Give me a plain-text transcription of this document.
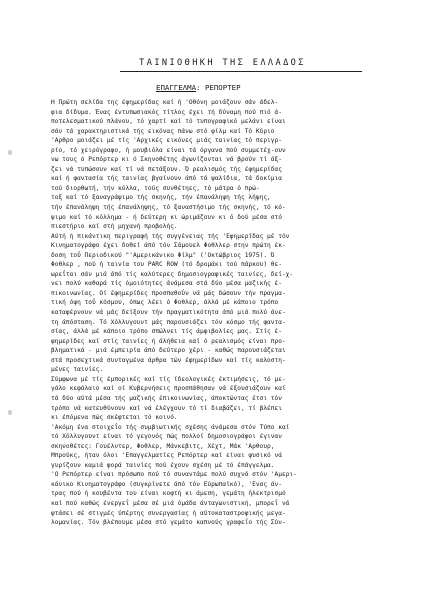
ΤΑΙΝΙΟΘΗΚΗ ΤΗΣ ΕΛΛΑΔΟΣ
ΕΠΑΓΓΕΛΜΑ: ΡΕΠΟΡΤΕΡ
Η Πρώτη σελίδα της έφημερίδας καί ή 'Οθόνη μοιάζουν σάν άδελ-
φια δίδυμα. Ένας έντυπωσιακός τίτλος έχει τή δύναμη πού πιό ά-
ποτελεσματικού πλάνου, τό χαρτί καί τό τυπογραφικό μελάνι είναι
σάν τά χαρακτηριστικά τής εικόνας πάνω στό φίλμ καί Τό Κύριο
'Αρθρο μοιάζει μέ τίς 'Αρχικές εικόνες μιάς ταινίας τό περιγρ-
ρίο, τό χειρόγραφο, ή μουβιόλα είναι τά όργανα πού συμμετέχ-ουν
νω τους ό Ρεπόρτερ κι ό Σκηνοθέτης άγωνίζονται νά βρούν τί άξ-
ζει νά τυπώσουν καί τί νά πετάξουν. Ό ρεαλισμός τής έφημερίδας
καί ή φαντασία τής ταινίας βγαίνουν άπό τά ψαλίδια, τά δοκίμια
τού διορθωτή, τήν κόλλα, τούς συνθέτηες, τό μάτρα ό πρώ-
τοξ καί τό ξαναγράψιμο τής σκηνής, τήν έπανάληψη τής λήψης,
τήν έπανάληψη τής έπανάληψης, τό ξαναστήσιμο τής σκηνής, τό κό-
ψιμο καί τό κόλλημα - ή δεύτερη κι ώριμάζουν κι ό δού μέσα στό
πιεστήριο καί στή μηχανή προβολής.
Αύτή ή πικάντικη περιγραφή τής συγγένειας τής 'Εφημερίδας μέ τόν
Κινηματογράφο έχει δοθεί άπό τόν Σάμουελ Φοθλλερ στην πρώτη έκ-
δοση τοΰ Περιοδικού "'Αμερικάνικο Φίλμ" ('Οκτώβριος 1975). Ό
Φοθλερ , πού ή ταινία του PARC ROW (τό δρομάκι τού πάρκου) θε-
ωρεΐται σάν μιά άπό τίς καλύτερες δημοσιογραφικές ταινίες, δεί-χ-
νει πολύ καθαρά τίς όμοιότητες άνάμεσα στά δύο μέσα μαζικής έ-
πικοινωνίας. Οί έφημερίδες προσπαθοΰν νά μάς δώσουν τήν πραγμα-
τική όψη τοΰ κόσμου, όπως λέει ό Φοθλερ, άλλά μέ κάποιο τρόπο
καταφέρνουν νά μάς δείξουν τήν πραγματικότητα άπό μιά πολύ άνε-
τη άπόσταση. Τό Χόλλυγουντ μάς παρουσιάζει τόν κόσμο τής φαντα-
σίας, άλλά μέ κάποιο τρόπο σπώλνει τίς άμφιβολίες μας. Στίς έ-
φημερίδες καί στίς ταινίες ή άλήθεια καί ό ρεαλισμός είναι προ-
βληματικά - μιά έμπειρία άπό δεύτερο χέρι - καθώς παρουσιάζεται
στά προσεχτικά συνταγμένα άρθρα τών έφημερίδων καί τίς καλοστη-
μένες ταινίες.
Σύμφωνα μέ τίς έμπορικές καί τίς ίδεολογικές έκτιμήσεις, τό με-
γάλο κεφάλαιο καί οί Κυβερνήσεις προσπάθησαν νά έξουσιάζουν καί
τά δύο αύτά μέσα τής μαζικής έπικοινωνίας, άποκτώντας έτσι τόν
τρόπο νά κατευθύνουν καί νά έλέγχουν τό τί διαβάζει, τί βλέπει
κι έπόμενα πώς σκέφτεται τό κοινό.
'Ακόμη ένα στοιχεΐο τής συμβιωτικής σχέσης άνάμεσα στόν Τύπο καί
τό Χόλλυγουντ είναι τό γεγονός πώς πολλοί δημοσιογράφοι έγιναν
σκηνοθέτες: Γουέλντερ, Φοθλερ, Μάνκεβιτς, Χέχτ, Μάκ 'Αρθουρ,
Μπρούκς, ήταν όλοι 'Επαγγελματίες Ρεπόρτερ καί είναι φυσικό νά
γυρίζουν καμιά φορά ταινίες πού έχουν σχέση μέ τό έπάγγελμα.
'Ο Ρεπόρτερ είναι πρόσωπο πού τό συναντάμε πολύ συχνά στόν 'Αμερι-
κάνικο Κινηματογράφο (συγκρίνετε άπό τόν Εύρωπαϊκό), 'Ενας άν-
τρας πού ή κουβέντα του είναι κοφτή κι άμεση, γεμάτη ήλεκτρισμό
καί πού καθώς ένεργεΐ μέσα σέ μιά όμάδα άνταγωνιστική, μπορεΐ νά
φτάσει σέ στιγμές ύπέρτης συνεργασίας ή αύτοκαταστροφικής μεγα-
λομανίας. Τόν βλέπουμε μέσα στό γεμάτο καπνούς γραφεΐο τής Σύν-
